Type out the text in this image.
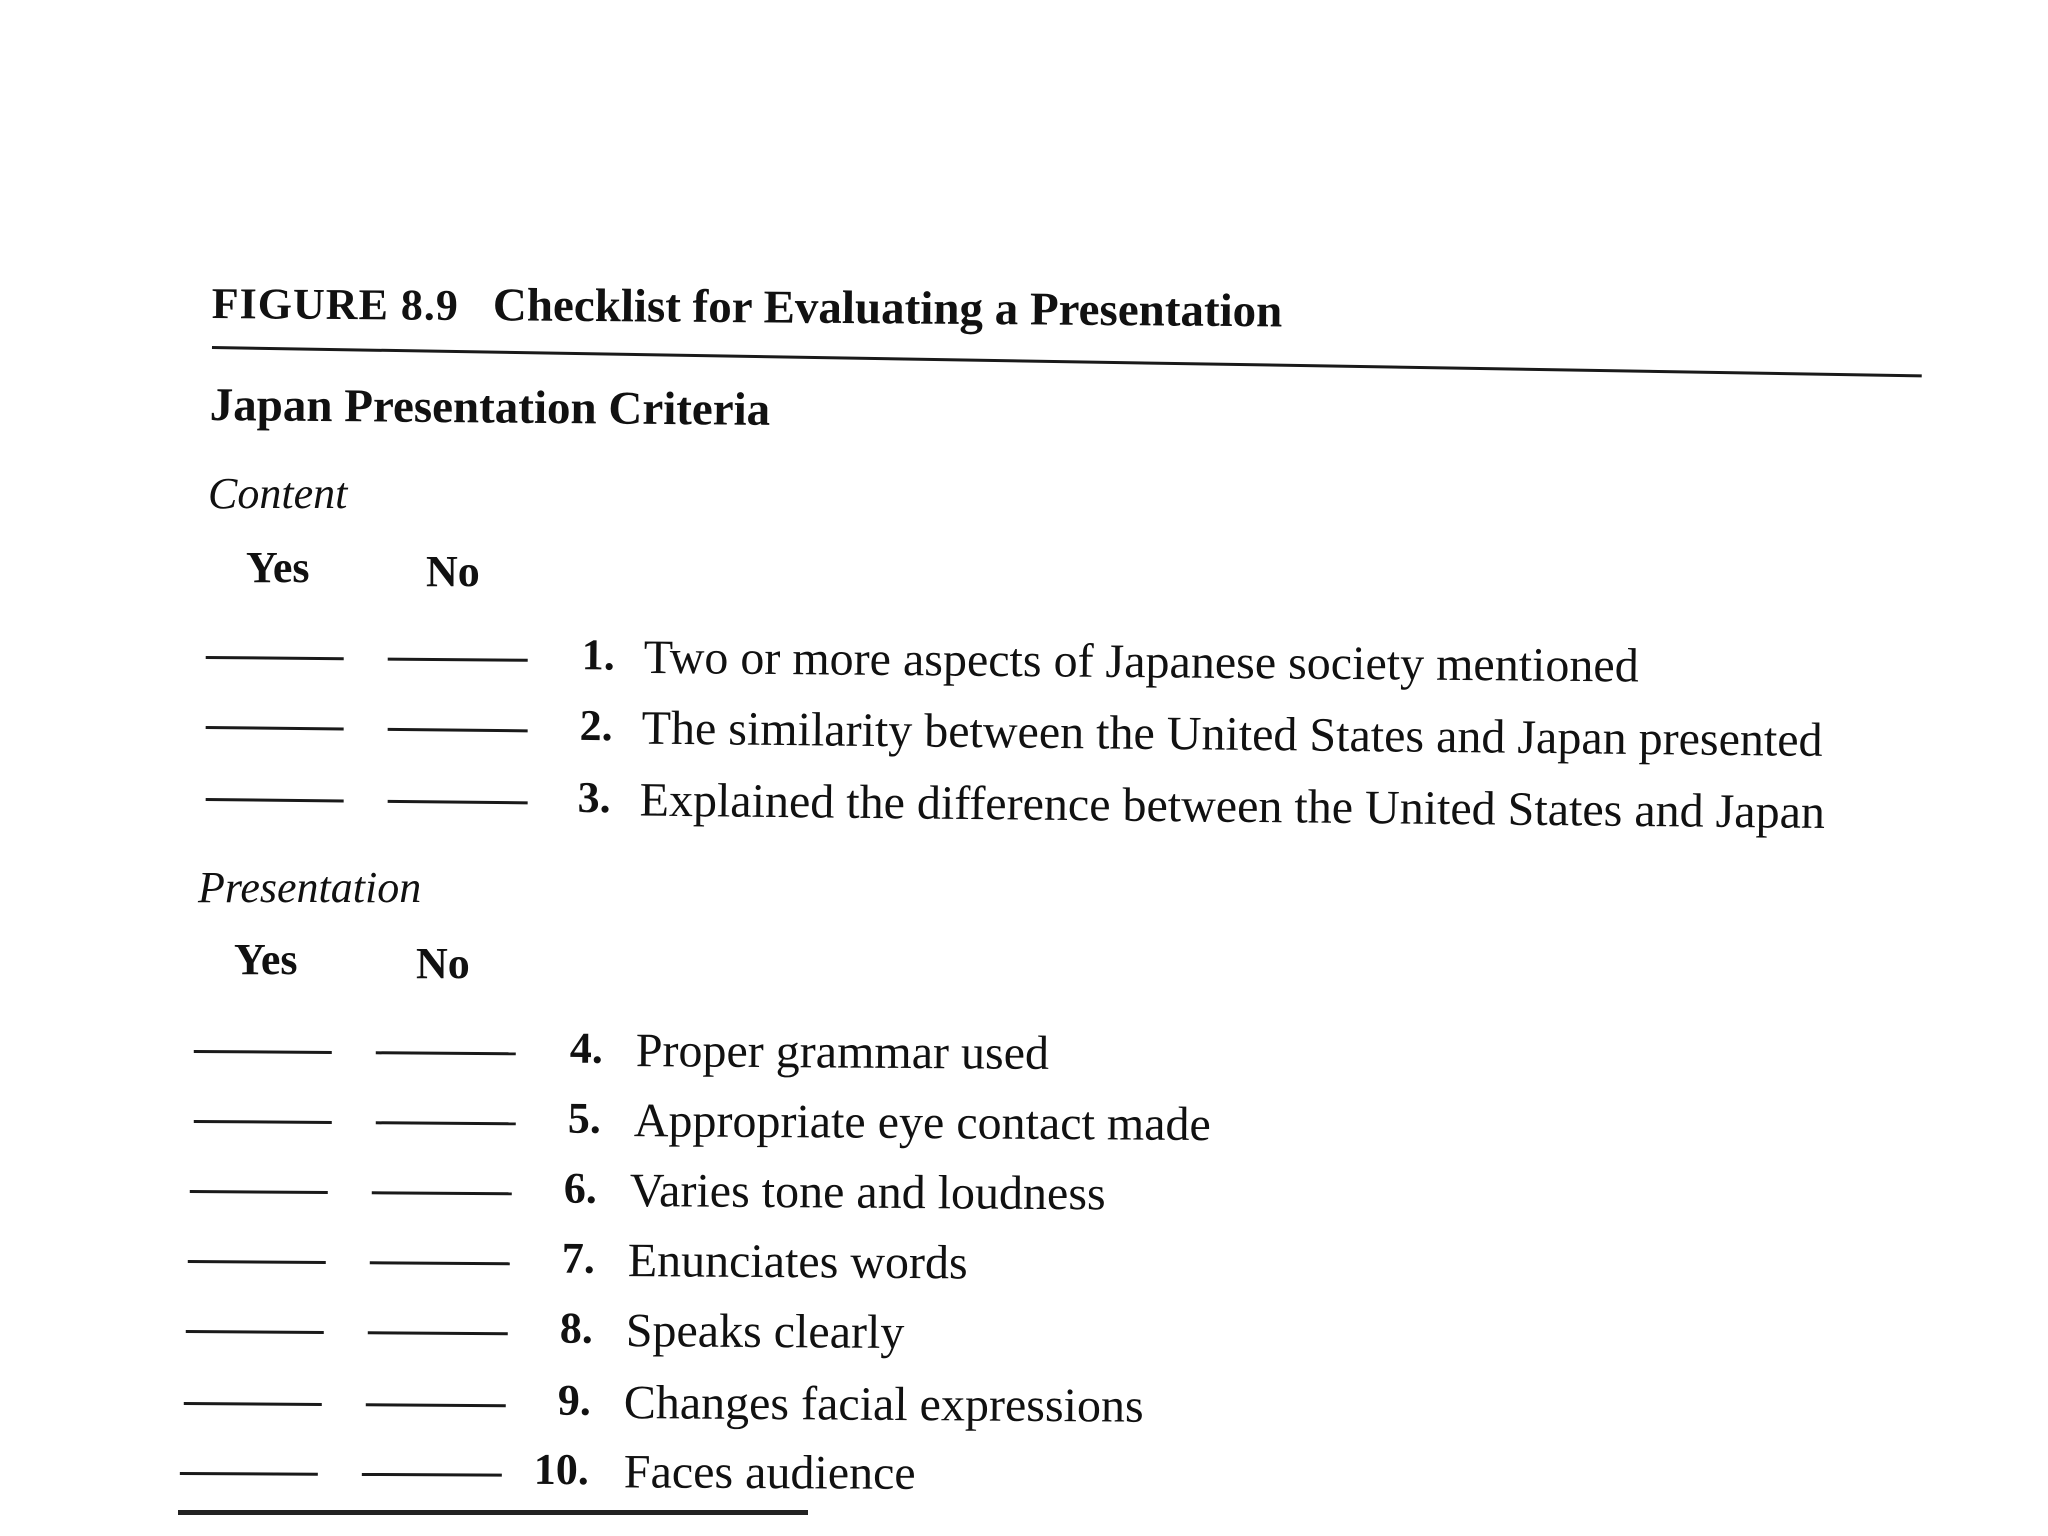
FIGURE 8.9 Checklist for Evaluating a Presentation
Japan Presentation Criteria
Content
Yes	No
1. Two or more aspects of Japanese society mentioned
2. The similarity between the United States and Japan presented
3. Explained the difference between the United States and Japan
Presentation
Yes	No
4. Proper grammar used
5. Appropriate eye contact made
6. Varies tone and loudness
7. Enunciates words
8. Speaks clearly
9. Changes facial expressions
10. Faces audience
